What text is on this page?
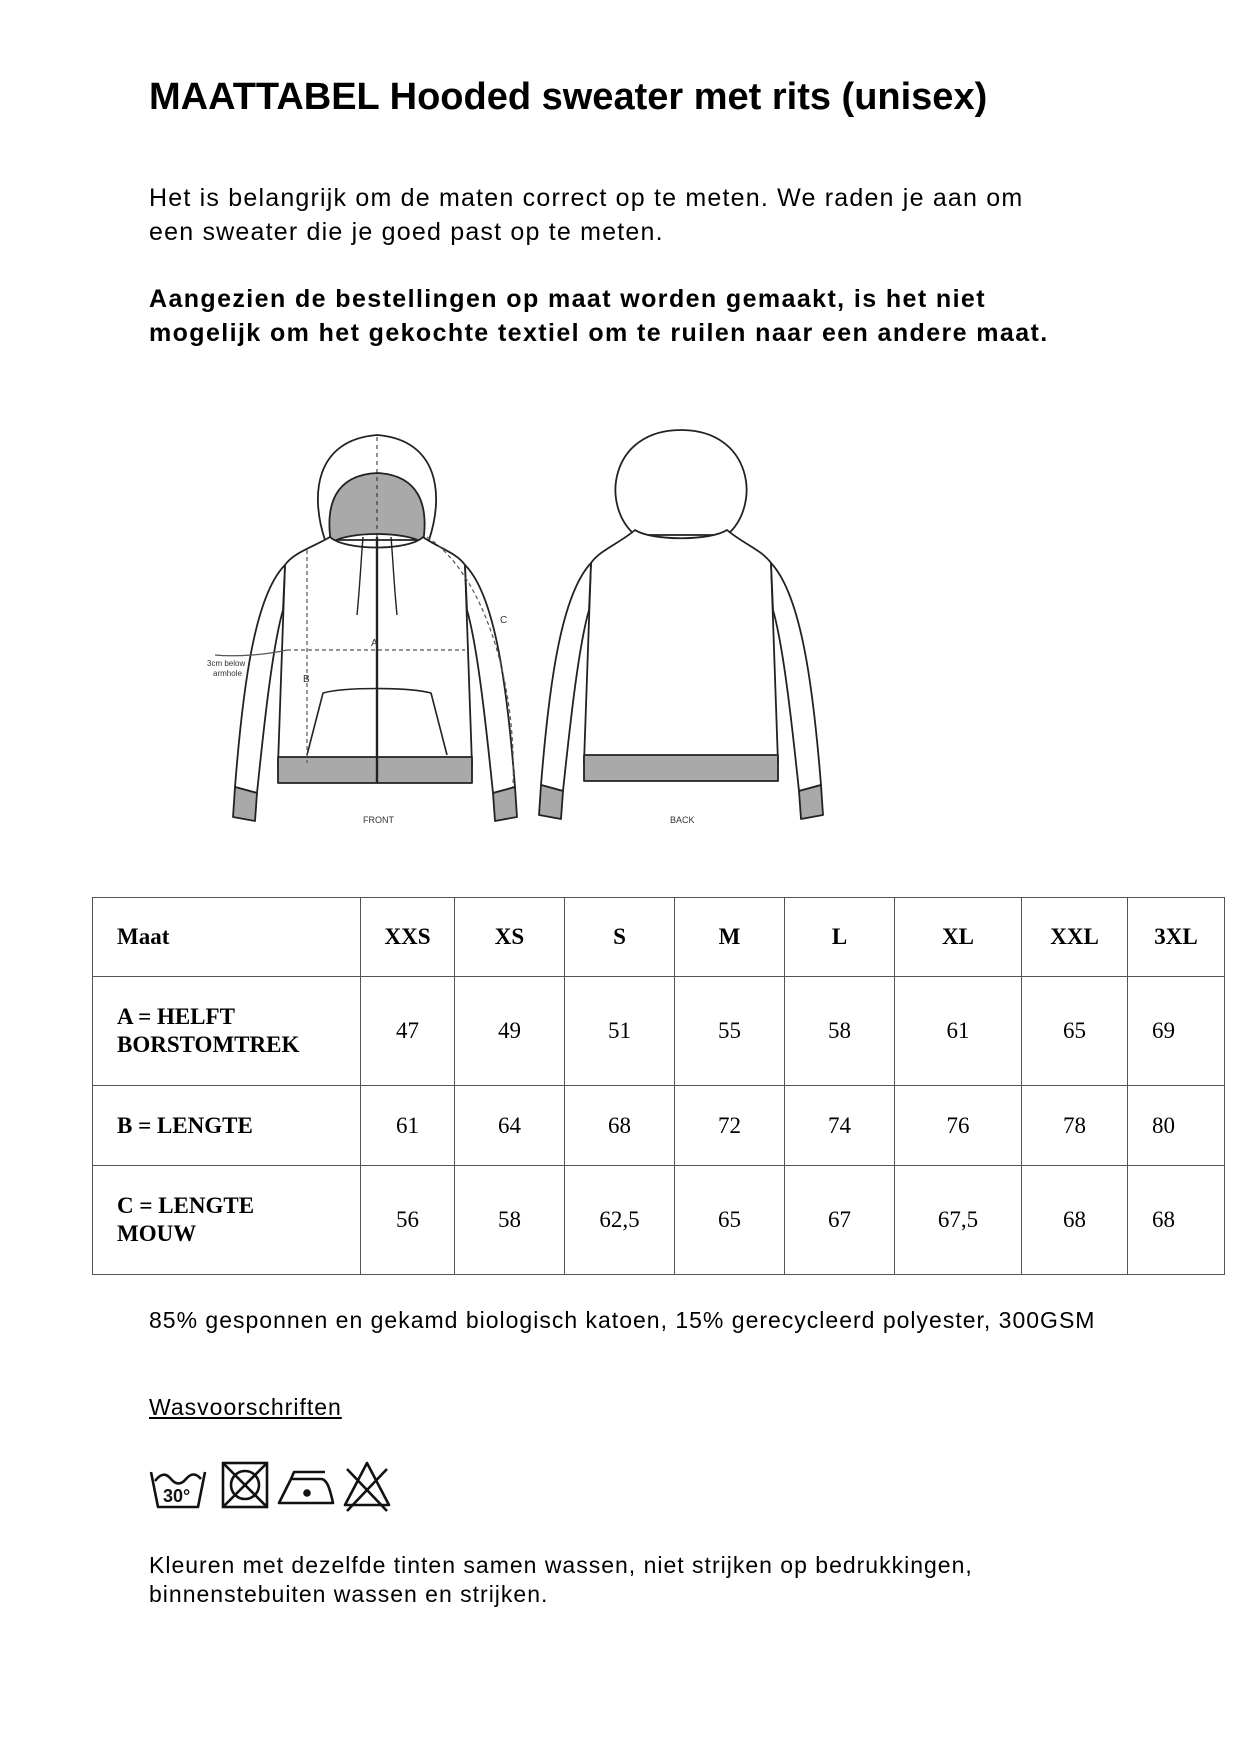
MAATTABEL Hooded sweater met rits (unisex)

Het is belangrijk om de maten correct op te meten. We raden je aan om een sweater die je goed past op te meten.

Aangezien de bestellingen op maat worden gemaakt, is het niet mogelijk om het gekochte textiel om te ruilen naar een andere maat.

A
B
C
3cm below
armhole
FRONT	BACK
Maat	XXS	XS	S	M	L	XL	XXL	3XL
A = HELFT
BORSTOMTREK	47	49	51	55	58	61	65	69
B = LENGTE	61	64	68	72	74	76	78	80
C = LENGTE
MOUW	56	58	62,5	65	67	67,5	68	68

85% gesponnen en gekamd biologisch katoen, 15% gerecycleerd polyester, 300GSM

Wasvoorschriften

30°

Kleuren met dezelfde tinten samen wassen, niet strijken op bedrukkingen, binnenstebuiten wassen en strijken.
